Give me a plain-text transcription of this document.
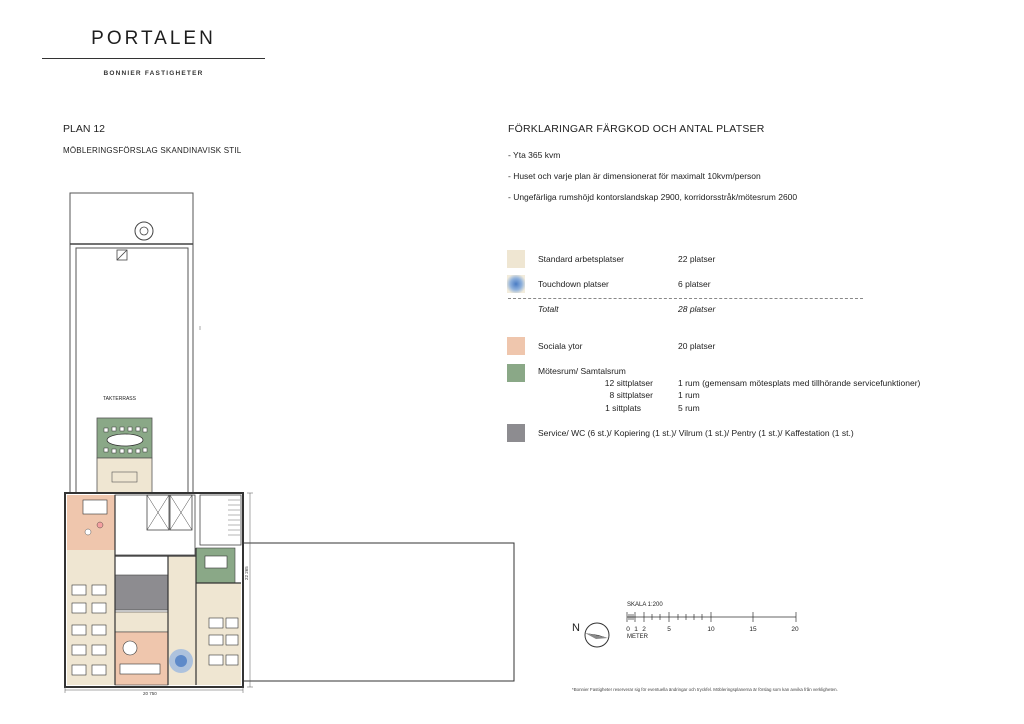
PORTALEN
BONNIER FASTIGHETER
PLAN 12
MÖBLERINGSFÖRSLAG SKANDINAVISK STIL
TAKTERRASS
20 750
22 265
FÖRKLARINGAR FÄRGKOD OCH ANTAL PLATSER
- Yta 365 kvm
- Huset och varje plan är dimensionerat för maximalt 10kvm/person
- Ungefärliga rumshöjd kontorslandskap 2900, korridorsstråk/mötesrum 2600
Standard arbetsplatser	22 platser
Touchdown platser	6 platser
Totalt	28 platser
Sociala ytor	20 platser
Mötesrum/ Samtalsrum
12 sittplatser	1 rum (gemensam mötesplats med tillhörande servicefunktioner)
8 sittplatser	1 rum
1 sittplats	5 rum
Service/ WC (6 st.)/ Kopiering (1 st.)/ Vilrum (1 st.)/ Pentry (1 st.)/ Kaffestation (1 st.)
N
SKALA 1:200
0 1 2	5	10	15	20
METER
*Bonnier Fastigheter reserverar sig för eventuella ändringar och tryckfel. Möbleringsplanerna är förslag som kan avvika från verkligheten.
